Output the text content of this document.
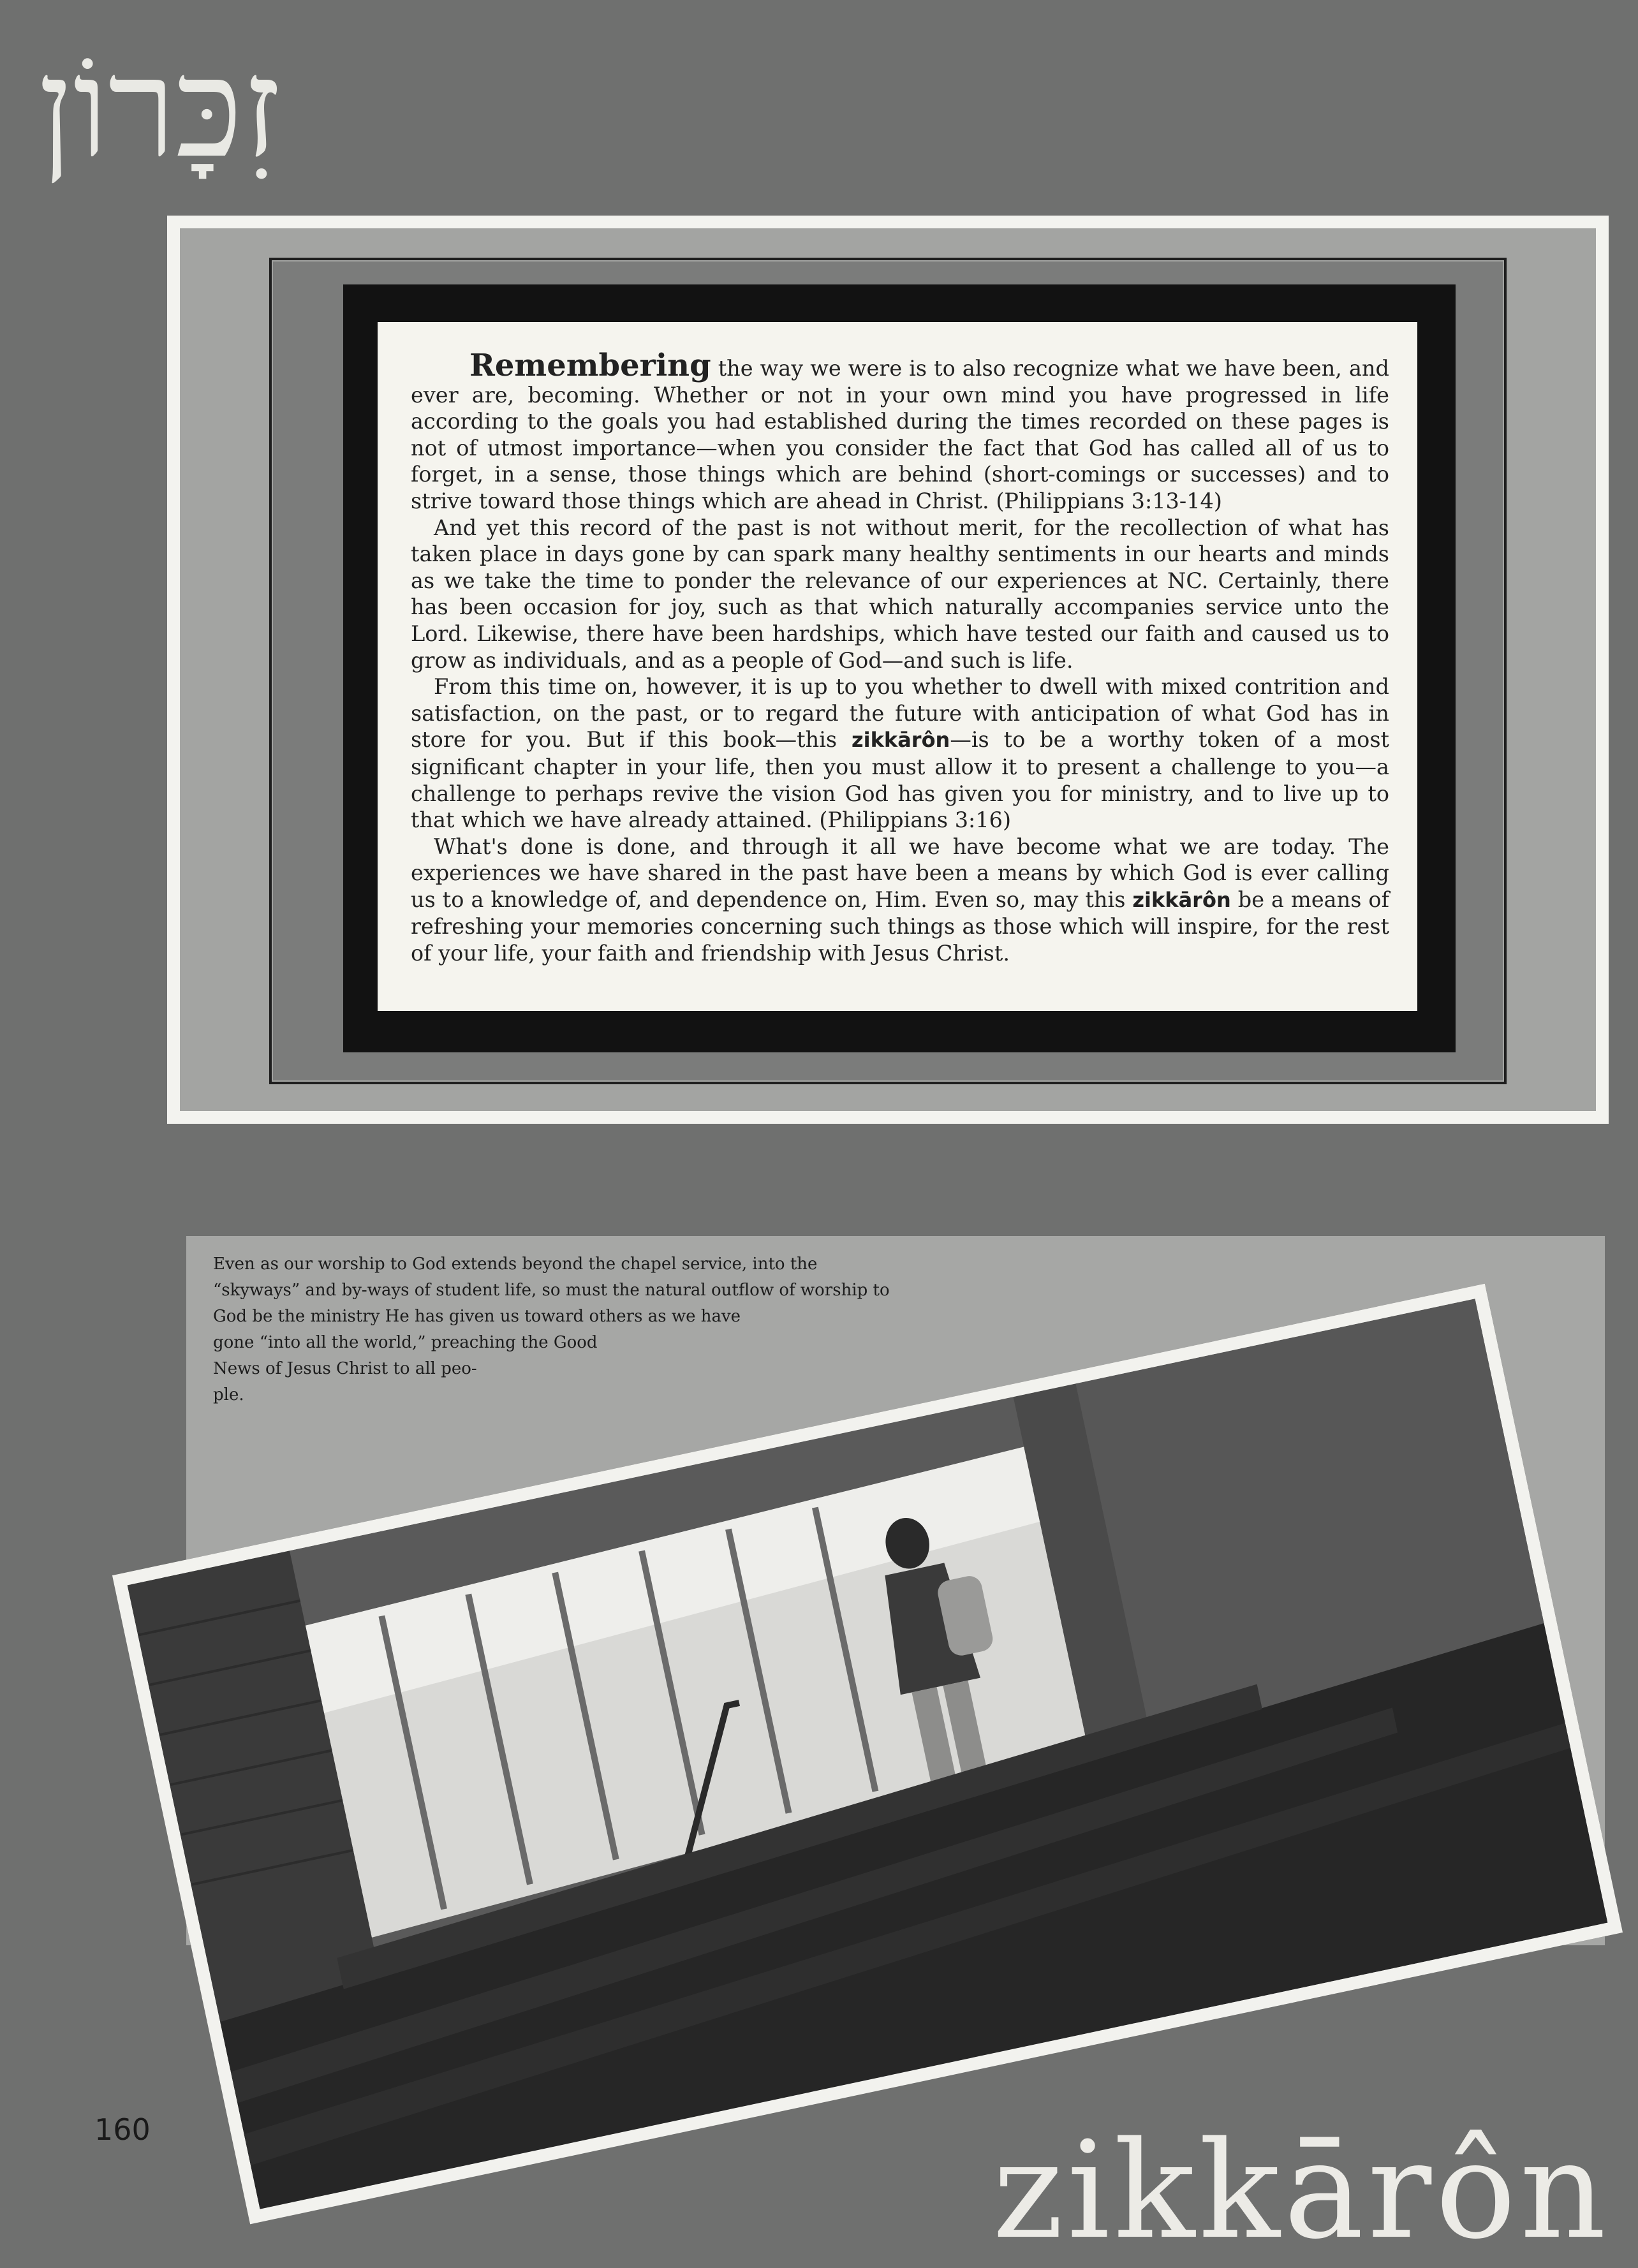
זִכָּרוֹן

Remembering the way we were is to also recognize what we have been, and ever are, becoming. Whether or not in your own mind you have progressed in life according to the goals you had established during the times recorded on these pages is not of utmost importance—when you consider the fact that God has called all of us to forget, in a sense, those things which are behind (short-comings or successes) and to strive toward those things which are ahead in Christ. (Philippians 3:13-14)

And yet this record of the past is not without merit, for the recollection of what has taken place in days gone by can spark many healthy sentiments in our hearts and minds as we take the time to ponder the relevance of our experiences at NC. Certainly, there has been occasion for joy, such as that which naturally accompanies service unto the Lord. Likewise, there have been hardships, which have tested our faith and caused us to grow as individuals, and as a people of God—and such is life.

From this time on, however, it is up to you whether to dwell with mixed contrition and satisfaction, on the past, or to regard the future with anticipation of what God has in store for you. But if this book—this zikkārôn—is to be a worthy token of a most significant chapter in your life, then you must allow it to present a challenge to you—a challenge to perhaps revive the vision God has given you for ministry, and to live up to that which we have already attained. (Philippians 3:16)

What's done is done, and through it all we have become what we are today. The experiences we have shared in the past have been a means by which God is ever calling us to a knowledge of, and dependence on, Him. Even so, may this zikkārôn be a means of refreshing your memories concerning such things as those which will inspire, for the rest of your life, your faith and friendship with Jesus Christ.

Even as our worship to God extends beyond the chapel service, into the
“skyways” and by-ways of student life, so must the natural outflow of worship to
God be the ministry He has given us toward others as we have
gone “into all the world,” preaching the Good
News of Jesus Christ to all peo-
ple.
160	zikkārôn
